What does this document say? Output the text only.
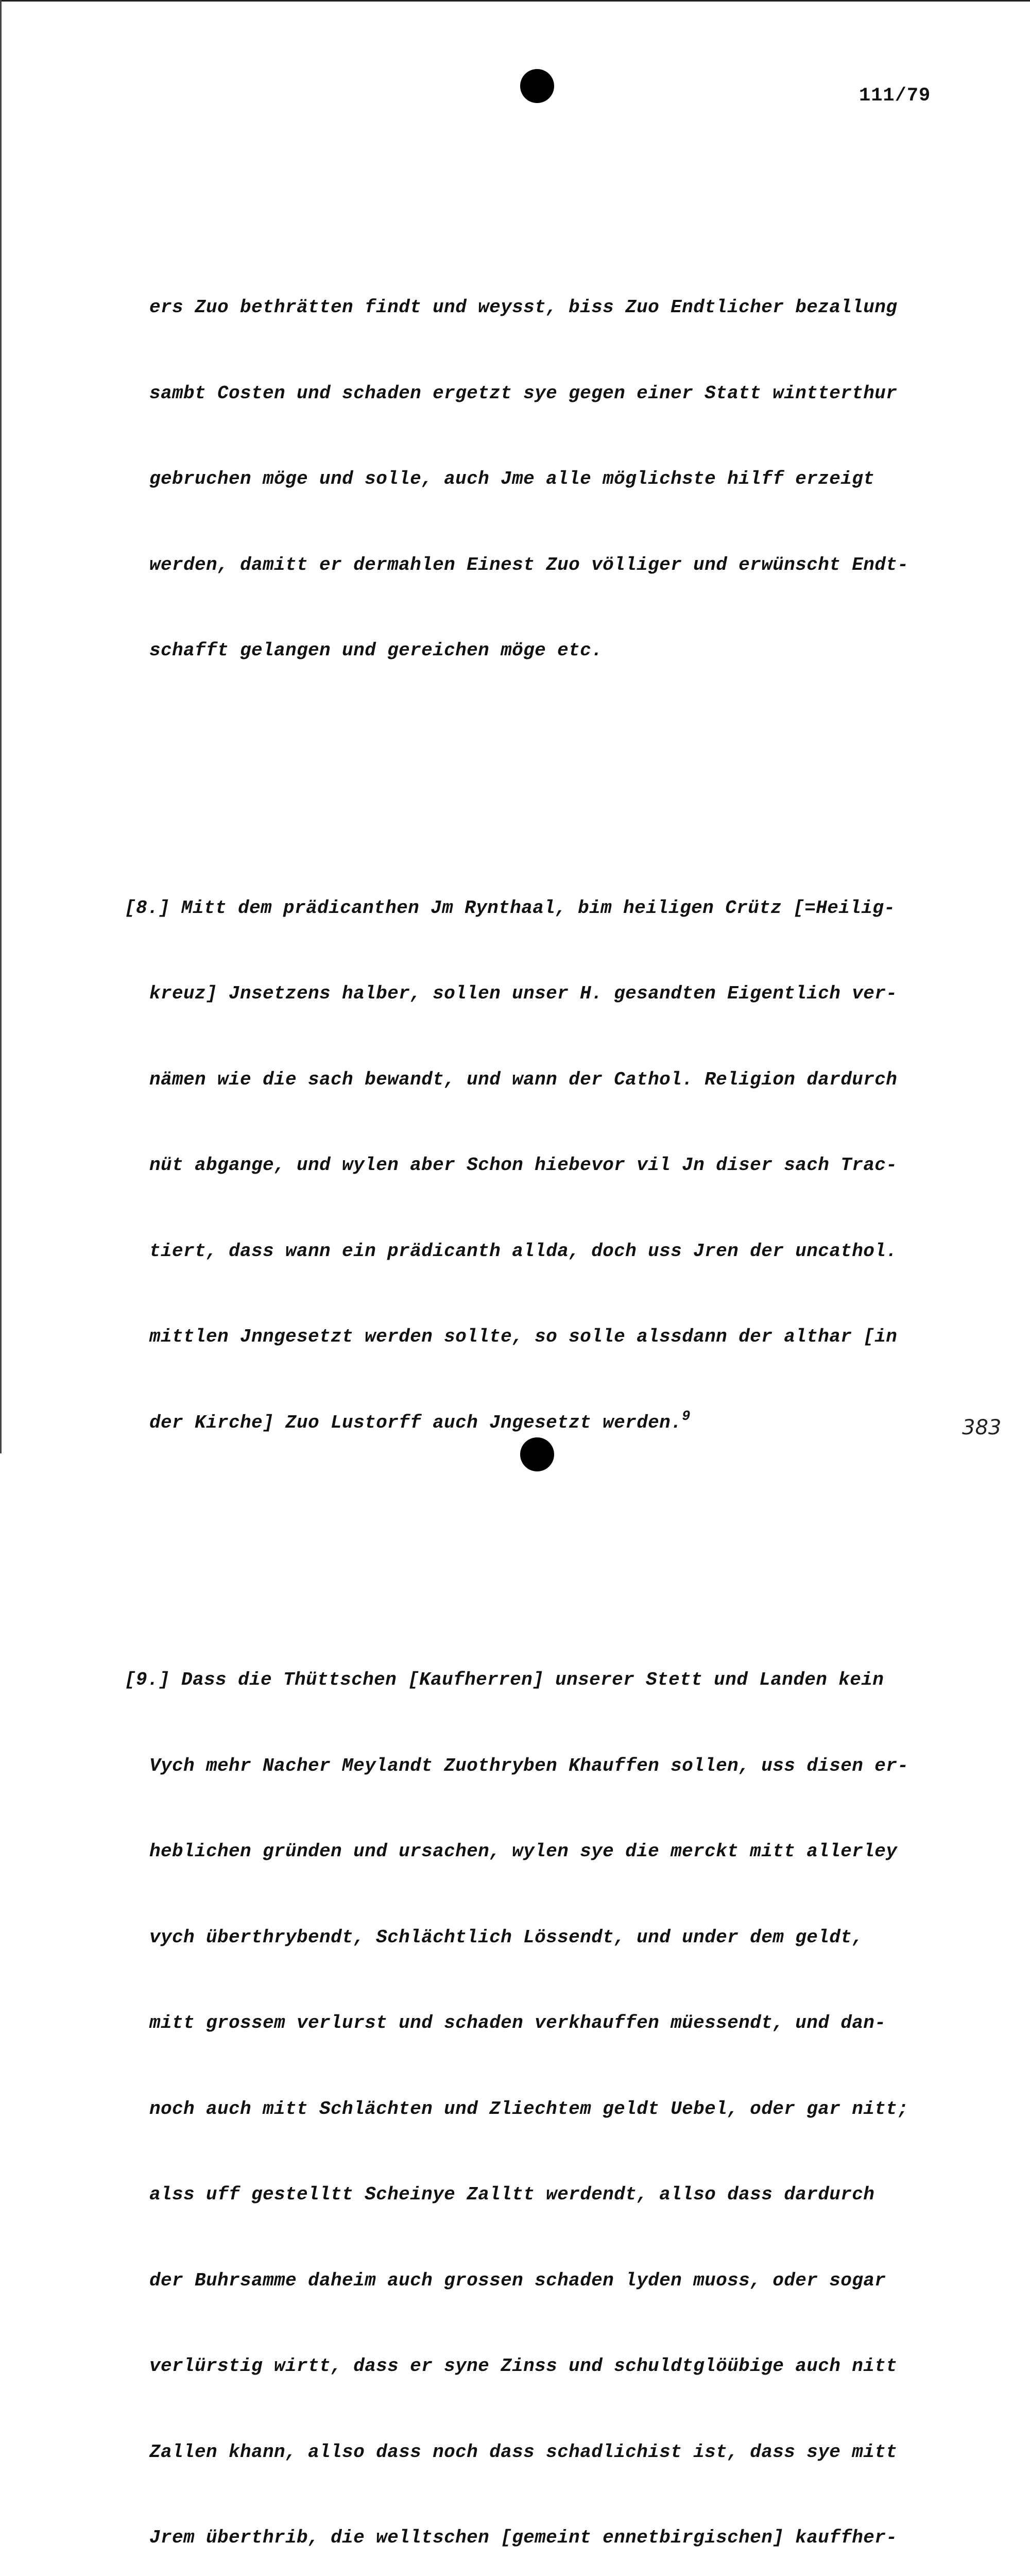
111/79

ers Zuo bethrätten findt und weysst, biss Zuo Endtlicher bezallung

sambt Costen und schaden ergetzt sye gegen einer Statt wintterthur

gebruchen möge und solle, auch Jme alle möglichste hilff erzeigt

werden, damitt er dermahlen Einest Zuo völliger und erwünscht Endt-

schafft gelangen und gereichen möge etc.

[8.] Mitt dem prädicanthen Jm Rynthaal, bim heiligen Crütz [=Heilig-

kreuz] Jnsetzens halber, sollen unser H. gesandten Eigentlich ver-

nämen wie die sach bewandt, und wann der Cathol. Religion dardurch

nüt abgange, und wylen aber Schon hiebevor vil Jn diser sach Trac-

tiert, dass wann ein prädicanth allda, doch uss Jren der uncathol.

mittlen Jnngesetzt werden sollte, so solle alssdann der althar [in

der Kirche] Zuo Lustorff auch Jngesetzt werden.$^9$

[9.] Dass die Thüttschen [Kaufherren] unserer Stett und Landen kein

Vych mehr Nacher Meylandt Zuothryben Khauffen sollen, uss disen er-

heblichen gründen und ursachen, wylen sye die merckt mitt allerley

vych überthrybendt, Schlächtlich Lössendt, und under dem geldt,

mitt grossem verlurst und schaden verkhauffen müessendt, und dan-

noch auch mitt Schlächten und Zliechtem geldt Uebel, oder gar nitt;

alss uff gestelltt Scheinye Zalltt werdendt, allso dass dardurch

der Buhrsamme daheim auch grossen schaden lyden muoss, oder sogar

verlürstig wirtt, dass er syne Zinss und schuldtglöübige auch nitt

Zallen khann, allso dass noch dass schadlichist ist, dass sye mitt

Jrem überthrib, die welltschen [gemeint ennetbirgischen] kauffher-

383
